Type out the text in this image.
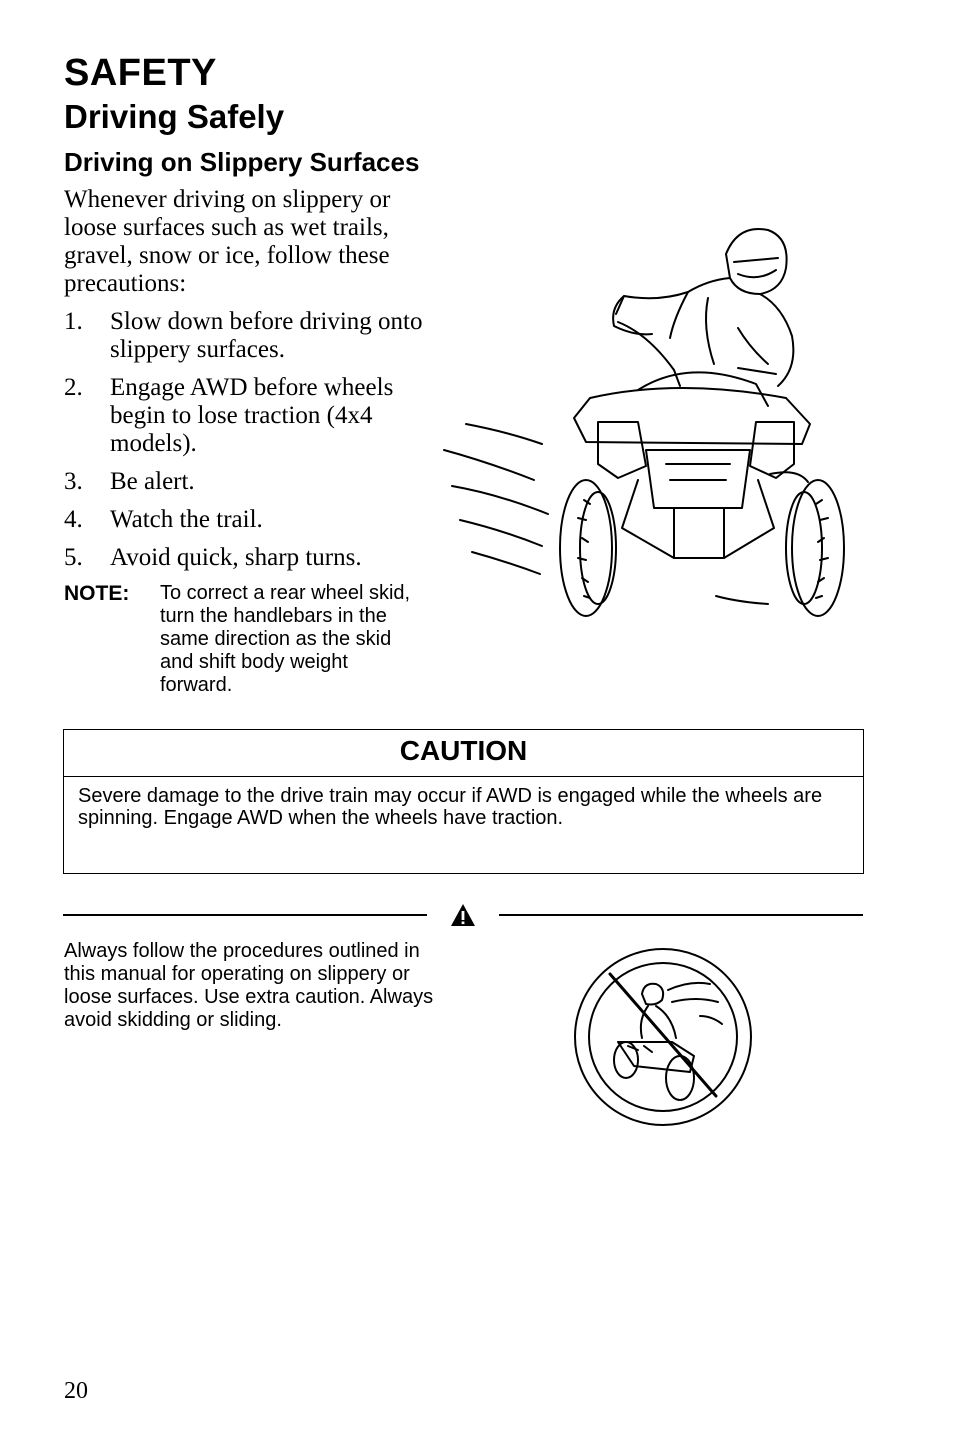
SAFETY
Driving Safely
Driving on Slippery Surfaces
Whenever driving on slippery or loose surfaces such as wet trails, gravel, snow or ice, follow these precautions:
1.	Slow down before driving onto slippery surfaces.
2.	Engage AWD before wheels begin to lose traction (4x4 models).
3.	Be alert.
4.	Watch the trail.
5.	Avoid quick, sharp turns.
NOTE:	To correct a rear wheel skid, turn the handlebars in the same direction as the skid and shift body weight forward.
CAUTION
Severe damage to the drive train may occur if AWD is engaged while the wheels are spinning. Engage AWD when the wheels have traction.
Always follow the procedures outlined in this manual for operating on slippery or loose surfaces. Use extra caution. Always avoid skidding or sliding.
20
